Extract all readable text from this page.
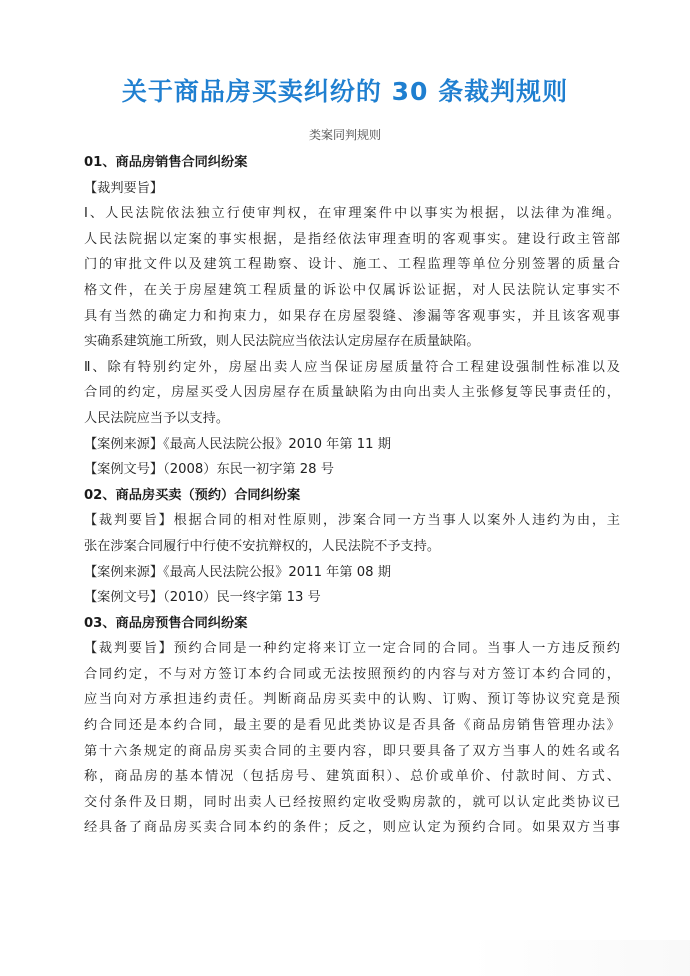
关于商品房买卖纠纷的 30 条裁判规则
类案同判规则
01、商品房销售合同纠纷案
【裁判要旨】
Ⅰ、人民法院依法独立行使审判权，在审理案件中以事实为根据，以法律为准绳。
人民法院据以定案的事实根据，是指经依法审理查明的客观事实。建设行政主管部
门的审批文件以及建筑工程勘察、设计、施工、工程监理等单位分别签署的质量合
格文件，在关于房屋建筑工程质量的诉讼中仅属诉讼证据，对人民法院认定事实不
具有当然的确定力和拘束力，如果存在房屋裂缝、渗漏等客观事实，并且该客观事
实确系建筑施工所致，则人民法院应当依法认定房屋存在质量缺陷。
Ⅱ、除有特别约定外，房屋出卖人应当保证房屋质量符合工程建设强制性标准以及
合同的约定，房屋买受人因房屋存在质量缺陷为由向出卖人主张修复等民事责任的，
人民法院应当予以支持。
【案例来源】《最高人民法院公报》2010 年第 11 期
【案例文号】（2008）东民一初字第 28 号
02、商品房买卖（预约）合同纠纷案
【裁判要旨】根据合同的相对性原则，涉案合同一方当事人以案外人违约为由，主
张在涉案合同履行中行使不安抗辩权的，人民法院不予支持。
【案例来源】《最高人民法院公报》2011 年第 08 期
【案例文号】（2010）民一终字第 13 号
03、商品房预售合同纠纷案
【裁判要旨】预约合同是一种约定将来订立一定合同的合同。当事人一方违反预约
合同约定，不与对方签订本约合同或无法按照预约的内容与对方签订本约合同的，
应当向对方承担违约责任。判断商品房买卖中的认购、订购、预订等协议究竟是预
约合同还是本约合同，最主要的是看见此类协议是否具备《商品房销售管理办法》
第十六条规定的商品房买卖合同的主要内容，即只要具备了双方当事人的姓名或名
称，商品房的基本情况（包括房号、建筑面积）、总价或单价、付款时间、方式、
交付条件及日期，同时出卖人已经按照约定收受购房款的，就可以认定此类协议已
经具备了商品房买卖合同本约的条件；反之，则应认定为预约合同。如果双方当事
